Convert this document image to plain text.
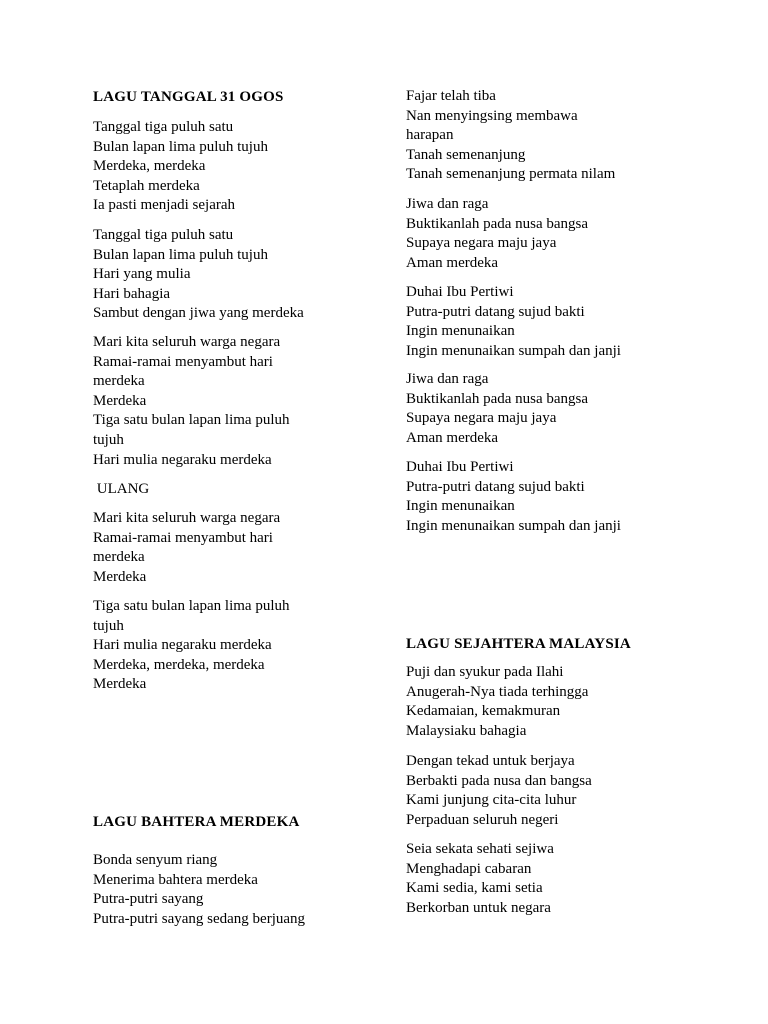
LAGU TANGGAL 31 OGOS
Tanggal tiga puluh satu
Bulan lapan lima puluh tujuh
Merdeka, merdeka
Tetaplah merdeka
Ia pasti menjadi sejarah
Tanggal tiga puluh satu
Bulan lapan lima puluh tujuh
Hari yang mulia
Hari bahagia
Sambut dengan jiwa yang merdeka
Mari kita seluruh warga negara
Ramai-ramai menyambut hari
merdeka
Merdeka
Tiga satu bulan lapan lima puluh
tujuh
Hari mulia negaraku merdeka
ULANG
Mari kita seluruh warga negara
Ramai-ramai menyambut hari
merdeka
Merdeka
Tiga satu bulan lapan lima puluh
tujuh
Hari mulia negaraku merdeka
Merdeka, merdeka, merdeka
Merdeka
LAGU BAHTERA MERDEKA
Bonda senyum riang
Menerima bahtera merdeka
Putra-putri sayang
Putra-putri sayang sedang berjuang
Fajar telah tiba
Nan menyingsing membawa
harapan
Tanah semenanjung
Tanah semenanjung permata nilam
Jiwa dan raga
Buktikanlah pada nusa bangsa
Supaya negara maju jaya
Aman merdeka
Duhai Ibu Pertiwi
Putra-putri datang sujud bakti
Ingin menunaikan
Ingin menunaikan sumpah dan janji
Jiwa dan raga
Buktikanlah pada nusa bangsa
Supaya negara maju jaya
Aman merdeka
Duhai Ibu Pertiwi
Putra-putri datang sujud bakti
Ingin menunaikan
Ingin menunaikan sumpah dan janji
LAGU SEJAHTERA MALAYSIA
Puji dan syukur pada Ilahi
Anugerah-Nya tiada terhingga
Kedamaian, kemakmuran
Malaysiaku bahagia
Dengan tekad untuk berjaya
Berbakti pada nusa dan bangsa
Kami junjung cita-cita luhur
Perpaduan seluruh negeri
Seia sekata sehati sejiwa
Menghadapi cabaran
Kami sedia, kami setia
Berkorban untuk negara
